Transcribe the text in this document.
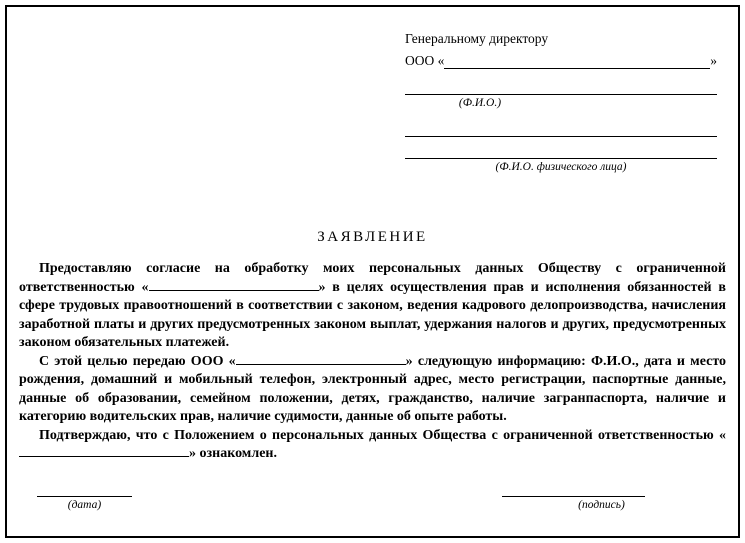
Генеральному директору
ООО «	»
(Ф.И.О.)
(Ф.И.О. физического лица)
ЗАЯВЛЕНИЕ

Предоставляю согласие на обработку моих персональных данных Обществу с ограниченной ответственностью «	» в целях осуществления прав и исполнения обязанностей в сфере трудовых правоотношений в соответствии с законом, ведения кадрового делопроизводства, начисления заработной платы и других предусмотренных законом выплат, удержания налогов и других, предусмотренных законом обязательных платежей.

С этой целью передаю ООО «	» следующую информацию: Ф.И.О., дата и место рождения, домашний и мобильный телефон, электронный адрес, место регистрации, паспортные данные, данные об образовании, семейном положении, детях, гражданство, наличие загранпаспорта, наличие и категорию водительских прав, наличие судимости, данные об опыте работы.

Подтверждаю, что с Положением о персональных данных Общества с ограниченной ответственностью «» ознакомлен.

(дата)	(подпись)
